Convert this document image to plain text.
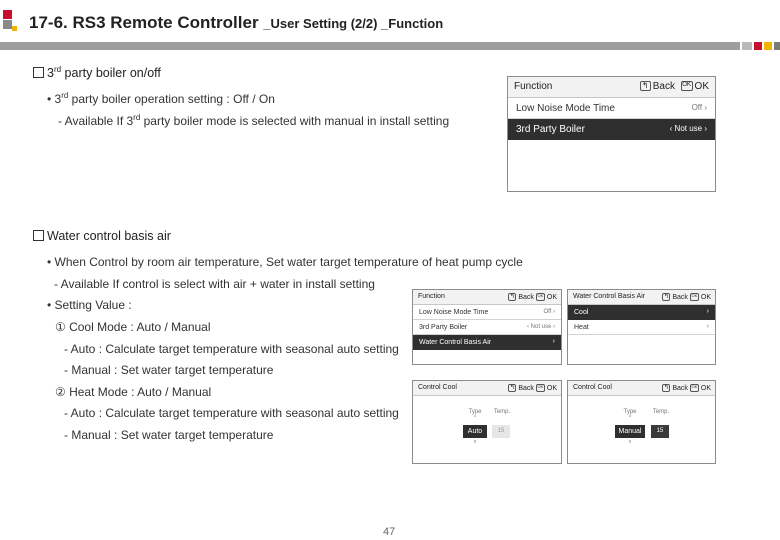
17-6. RS3 Remote Controller _User Setting (2/2) _Function
3rd party boiler on/off
• 3rd party boiler operation setting : Off / On
- Available If 3rd party boiler mode is selected with manual in install setting
Function	↰ Back OK OK
Low Noise Mode Time	Off ›
3rd Party Boiler	‹ Not use ›
Water control basis air
• When Control by room air temperature, Set water target temperature of heat pump cycle
- Available If control is select with air + water in install setting
• Setting Value :
① Cool Mode : Auto / Manual
- Auto : Calculate target temperature with seasonal auto setting
- Manual : Set water target temperature
② Heat Mode : Auto / Manual
- Auto : Calculate target temperature with seasonal auto setting
- Manual : Set water target temperature
Function	↰ Back OK OK
Low Noise Mode Time	Off ›
3rd Party Boiler	‹ Not use ›
Water Control Basis Air	›
Water Control Basis Air	↰ Back OK OK
Cool	›
Heat	›
Control Cool	↰ Back OK OK
Type	Temp.
^
Auto	15
v
Control Cool	↰ Back OK OK
Type	Temp.
^
Manual	15
v
47
